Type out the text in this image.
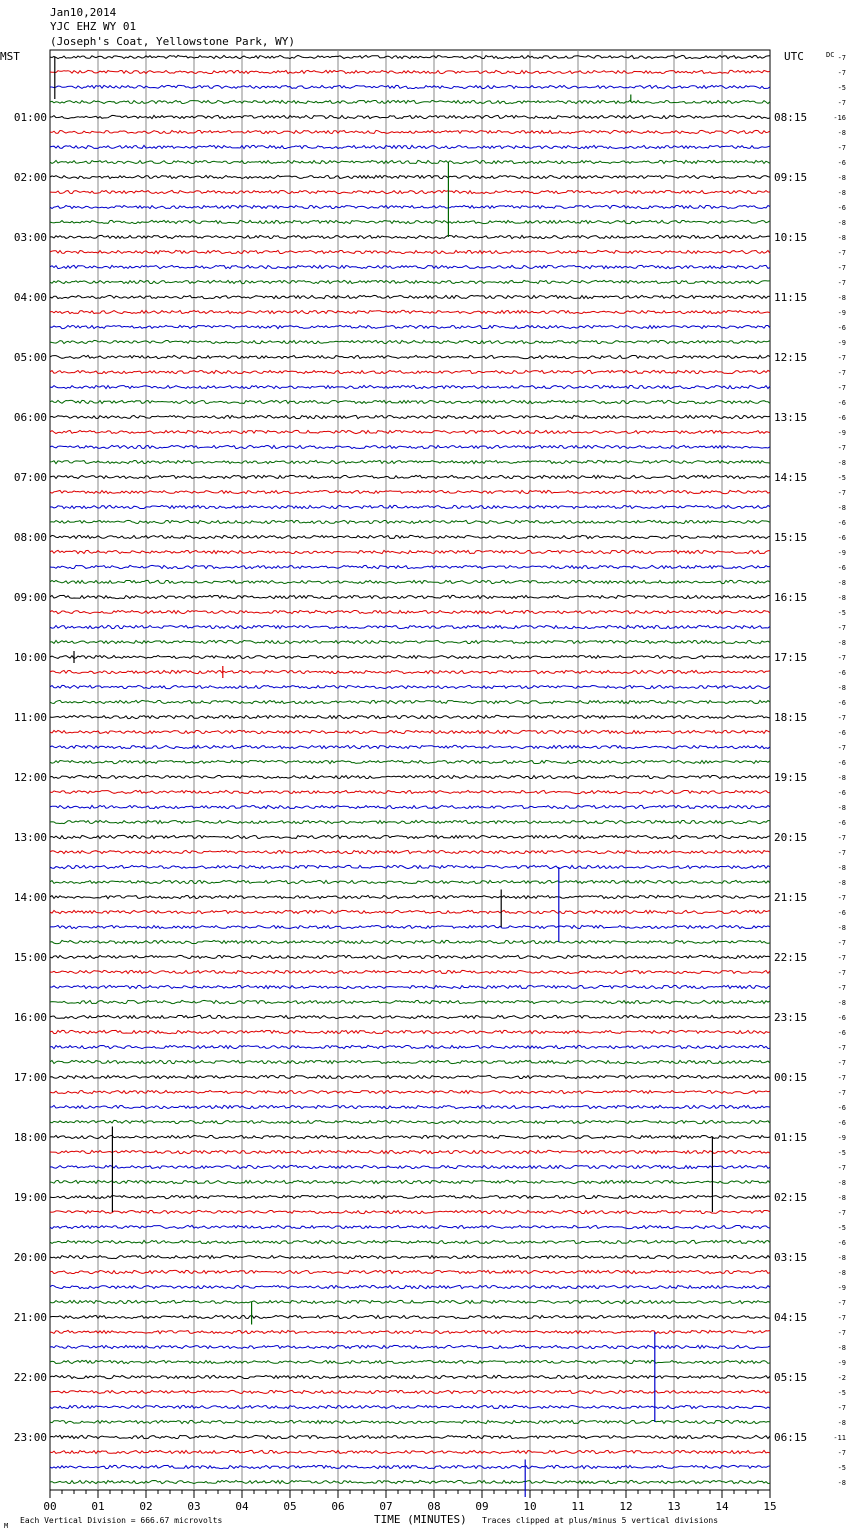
Jan10,2014
YJC EHZ WY 01
(Joseph's Coat, Yellowstone Park, WY)
MST	UTC	DC -7
-7
-5
-7
01:00	08:15	-16
-8
-7
-6
02:00	09:15	-8
-8
-6
-8
03:00	10:15	-8
-7
-7
-7
04:00	11:15	-8
-9
-6
-9
05:00	12:15	-7
-7
-7
-6
06:00	13:15	-6
-9
-7
-8
07:00	14:15	-5
-7
-8
-6
08:00	15:15	-6
-9
-6
-8
09:00	16:15	-8
-5
-7
-8
10:00	17:15	-7
-6
-8
-6
11:00	18:15	-7
-6
-7
-6
12:00	19:15	-8
-6
-8
-6
13:00	20:15	-7
-7
-8
-8
14:00	21:15	-7
-6
-8
-7
15:00	22:15	-7
-7
-7
-8
16:00	23:15	-6
-6
-7
-7
17:00	00:15	-7
-7
-6
-6
18:00	01:15	-9
-5
-7
-8
19:00	02:15	-8
-7
-5
-6
20:00	03:15	-8
-8
-9
-7
21:00	04:15	-7
-7
-8
-9
22:00	05:15	-2
-5
-7
-8
23:00	06:15	-11
-7
-5
-8
00	01	02	03	04	05	06	07	08	09	10	11	12	13	14	15
M
Each Vertical Division = 666.67 microvolts	TIME (MINUTES) Traces clipped at plus/minus 5 vertical divisions
